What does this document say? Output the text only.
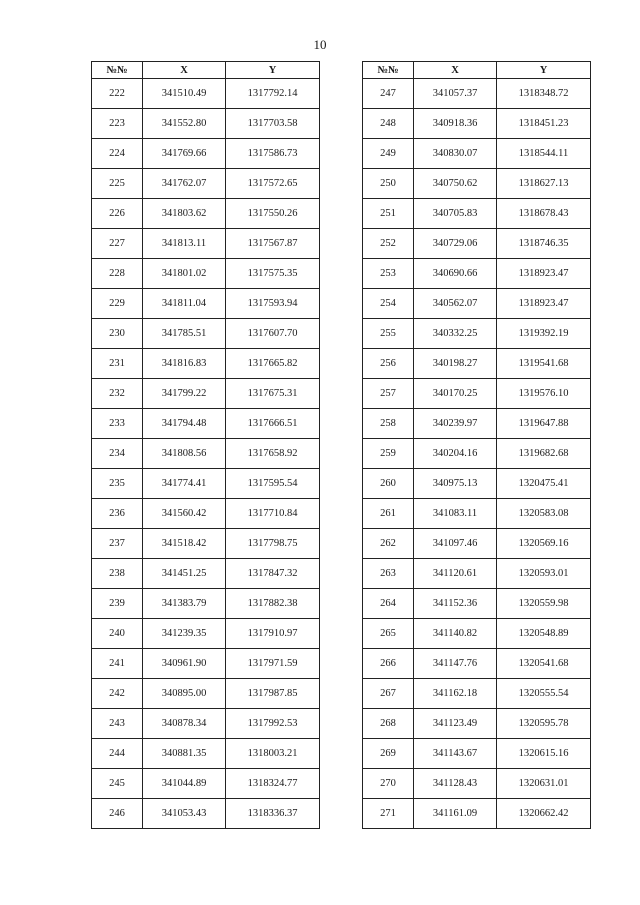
10
№№	X	Y
222	341510.49	1317792.14
223	341552.80	1317703.58
224	341769.66	1317586.73
225	341762.07	1317572.65
226	341803.62	1317550.26
227	341813.11	1317567.87
228	341801.02	1317575.35
229	341811.04	1317593.94
230	341785.51	1317607.70
231	341816.83	1317665.82
232	341799.22	1317675.31
233	341794.48	1317666.51
234	341808.56	1317658.92
235	341774.41	1317595.54
236	341560.42	1317710.84
237	341518.42	1317798.75
238	341451.25	1317847.32
239	341383.79	1317882.38
240	341239.35	1317910.97
241	340961.90	1317971.59
242	340895.00	1317987.85
243	340878.34	1317992.53
244	340881.35	1318003.21
245	341044.89	1318324.77
246	341053.43	1318336.37
№№	X	Y
247	341057.37	1318348.72
248	340918.36	1318451.23
249	340830.07	1318544.11
250	340750.62	1318627.13
251	340705.83	1318678.43
252	340729.06	1318746.35
253	340690.66	1318923.47
254	340562.07	1318923.47
255	340332.25	1319392.19
256	340198.27	1319541.68
257	340170.25	1319576.10
258	340239.97	1319647.88
259	340204.16	1319682.68
260	340975.13	1320475.41
261	341083.11	1320583.08
262	341097.46	1320569.16
263	341120.61	1320593.01
264	341152.36	1320559.98
265	341140.82	1320548.89
266	341147.76	1320541.68
267	341162.18	1320555.54
268	341123.49	1320595.78
269	341143.67	1320615.16
270	341128.43	1320631.01
271	341161.09	1320662.42
